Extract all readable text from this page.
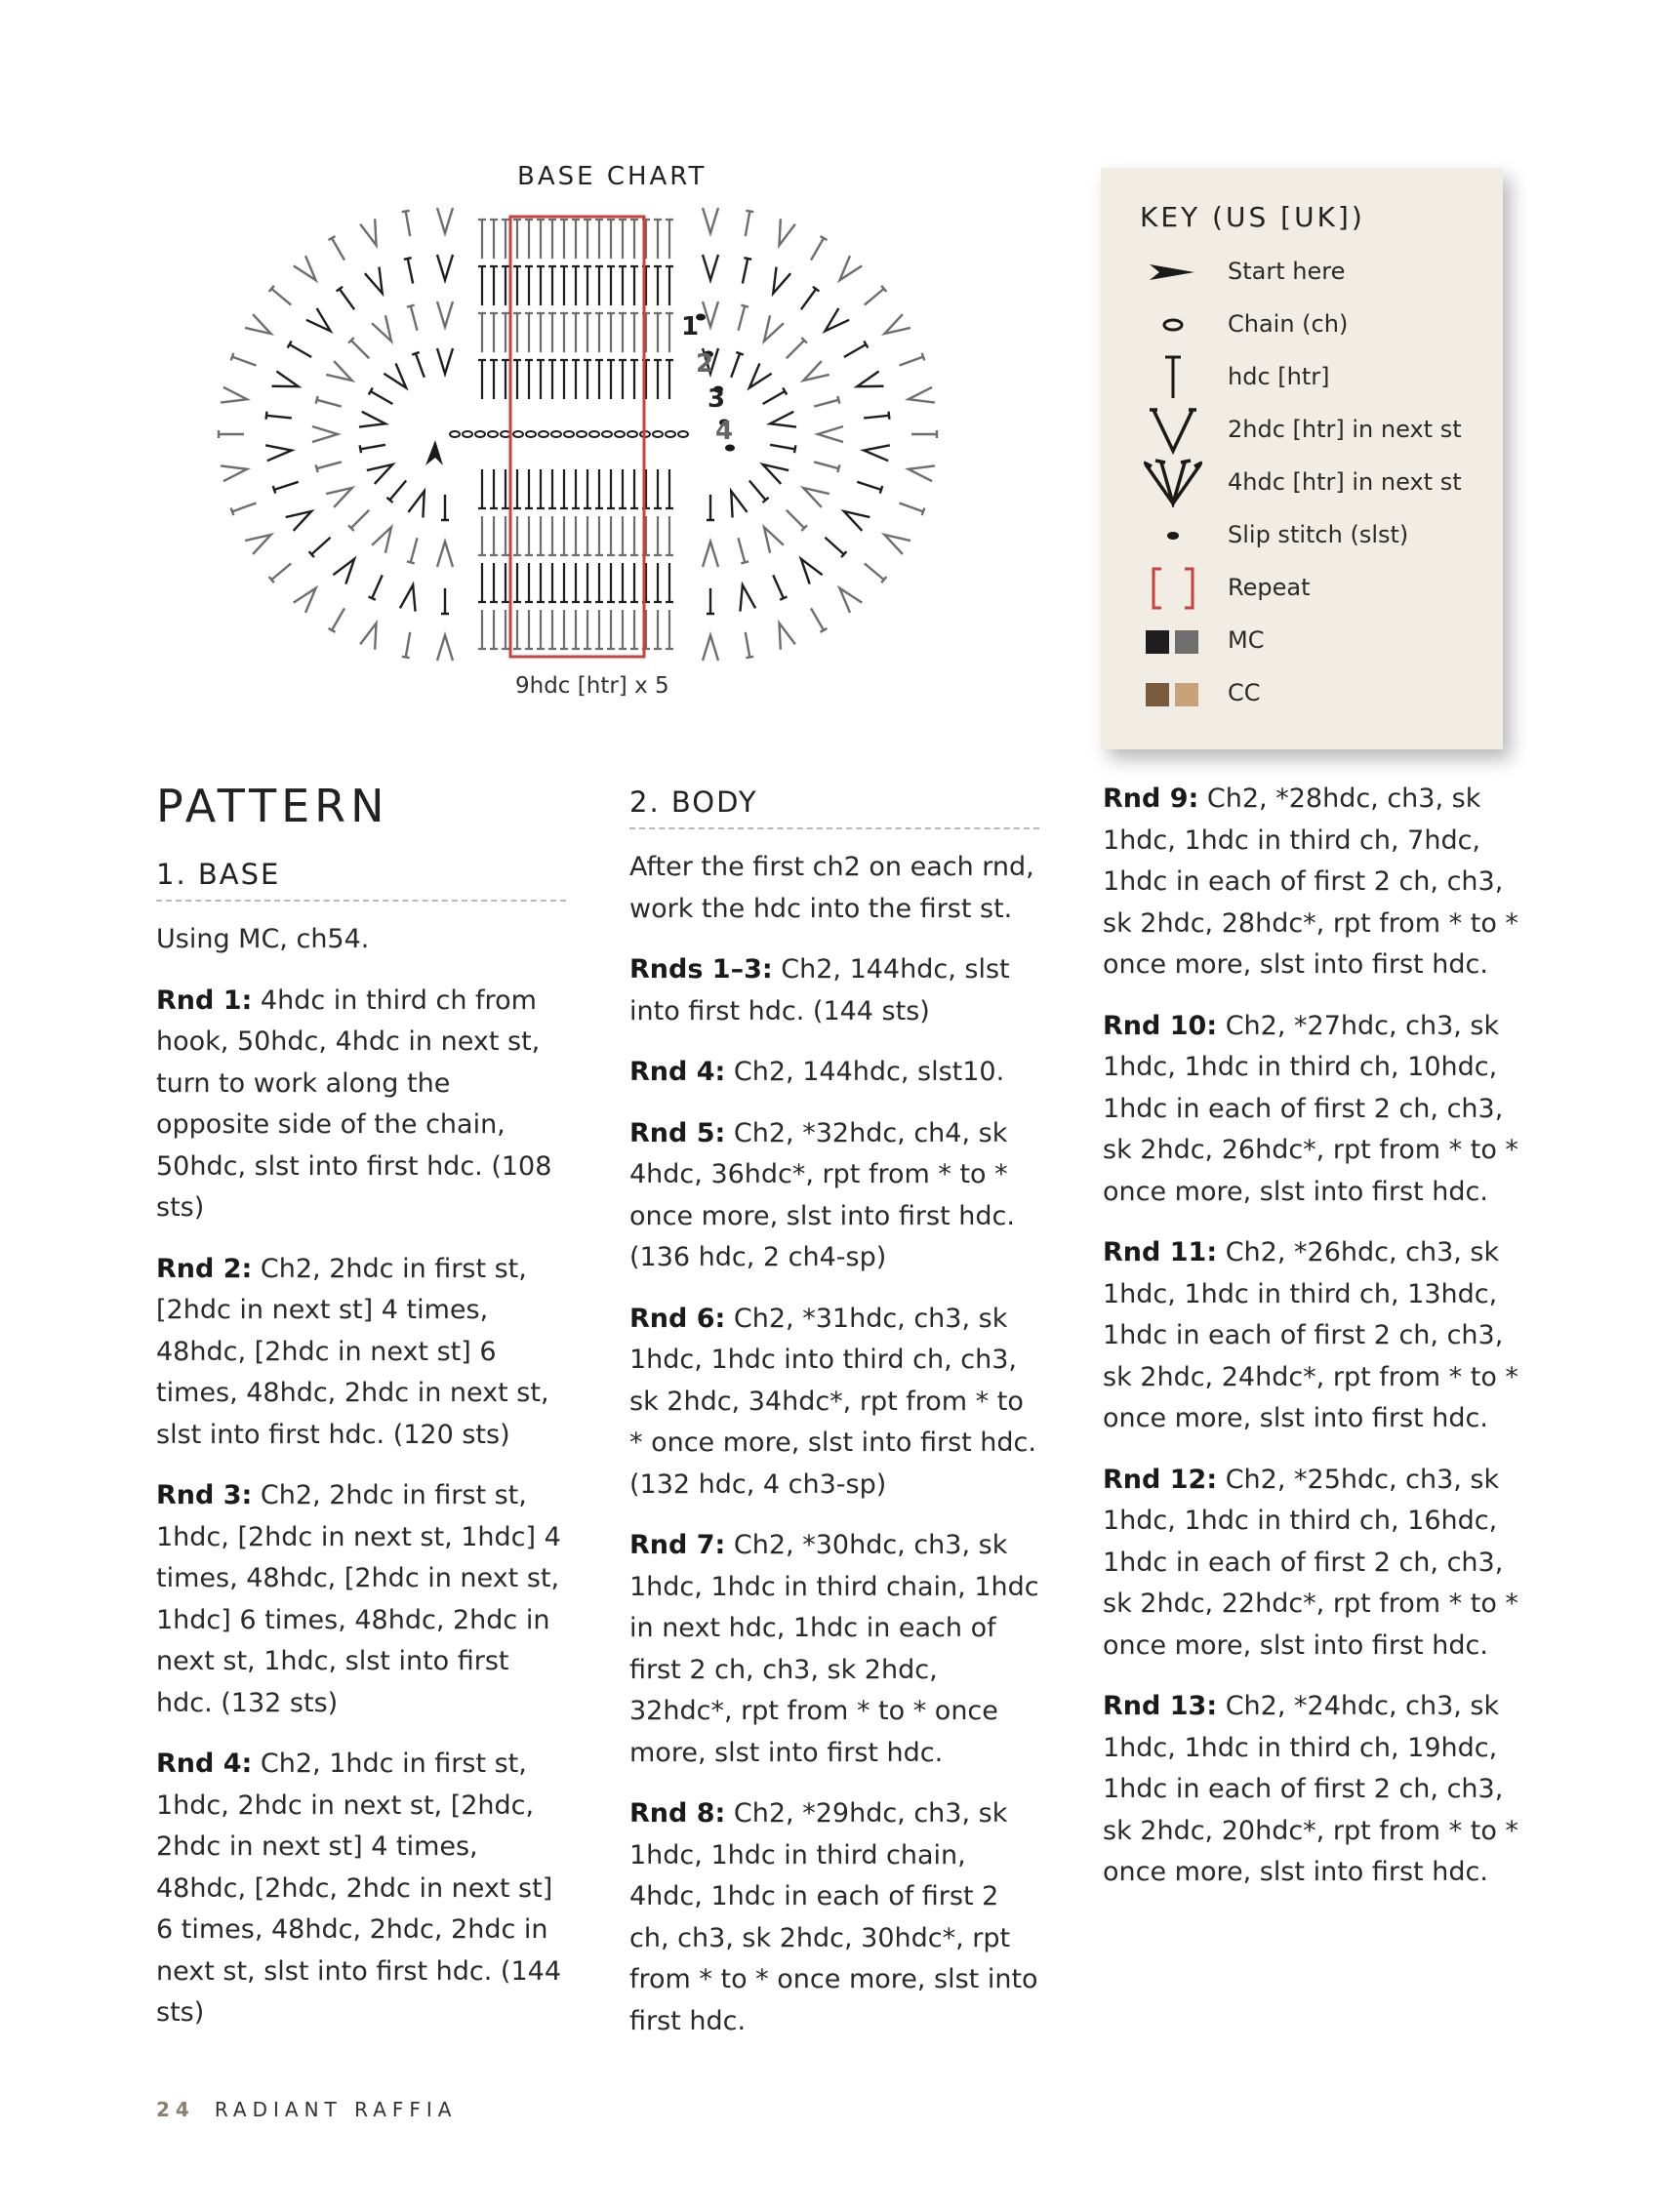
BASE CHART
1
2
3
4
9hdc [htr] x 5
KEY (US [UK])
Start here
Chain (ch)
hdc [htr]
2hdc [htr] in next st
4hdc [htr] in next st
Slip stitch (slst)
Repeat
MC
CC
PATTERN
1. BASE

Using MC, ch54.

Rnd 1: 4hdc in third ch from hook, 50hdc, 4hdc in next st, turn to work along the opposite side of the chain, 50hdc, slst into first hdc. (108 sts)

Rnd 2: Ch2, 2hdc in first st, [2hdc in next st] 4 times, 48hdc, [2hdc in next st] 6 times, 48hdc, 2hdc in next st, slst into first hdc. (120 sts)

Rnd 3: Ch2, 2hdc in first st, 1hdc, [2hdc in next st, 1hdc] 4 times, 48hdc, [2hdc in next st, 1hdc] 6 times, 48hdc, 2hdc in next st, 1hdc, slst into first hdc. (132 sts)

Rnd 4: Ch2, 1hdc in first st, 1hdc, 2hdc in next st, [2hdc, 2hdc in next st] 4 times, 48hdc, [2hdc, 2hdc in next st] 6 times, 48hdc, 2hdc, 2hdc in next st, slst into first hdc. (144 sts)

2. BODY

After the first ch2 on each rnd, work the hdc into the first st.

Rnds 1–3: Ch2, 144hdc, slst into first hdc. (144 sts)

Rnd 4: Ch2, 144hdc, slst10.

Rnd 5: Ch2, *32hdc, ch4, sk 4hdc, 36hdc*, rpt from * to * once more, slst into first hdc. (136 hdc, 2 ch4-sp)

Rnd 6: Ch2, *31hdc, ch3, sk 1hdc, 1hdc into third ch, ch3, sk 2hdc, 34hdc*, rpt from * to * once more, slst into first hdc. (132 hdc, 4 ch3-sp)

Rnd 7: Ch2, *30hdc, ch3, sk 1hdc, 1hdc in third chain, 1hdc in next hdc, 1hdc in each of first 2 ch, ch3, sk 2hdc, 32hdc*, rpt from * to * once more, slst into first hdc.

Rnd 8: Ch2, *29hdc, ch3, sk 1hdc, 1hdc in third chain, 4hdc, 1hdc in each of first 2 ch, ch3, sk 2hdc, 30hdc*, rpt from * to * once more, slst into first hdc.

Rnd 9: Ch2, *28hdc, ch3, sk 1hdc, 1hdc in third ch, 7hdc, 1hdc in each of first 2 ch, ch3, sk 2hdc, 28hdc*, rpt from * to * once more, slst into first hdc.

Rnd 10: Ch2, *27hdc, ch3, sk 1hdc, 1hdc in third ch, 10hdc, 1hdc in each of first 2 ch, ch3, sk 2hdc, 26hdc*, rpt from * to * once more, slst into first hdc.

Rnd 11: Ch2, *26hdc, ch3, sk 1hdc, 1hdc in third ch, 13hdc, 1hdc in each of first 2 ch, ch3, sk 2hdc, 24hdc*, rpt from * to * once more, slst into first hdc.

Rnd 12: Ch2, *25hdc, ch3, sk 1hdc, 1hdc in third ch, 16hdc, 1hdc in each of first 2 ch, ch3, sk 2hdc, 22hdc*, rpt from * to * once more, slst into first hdc.

Rnd 13: Ch2, *24hdc, ch3, sk 1hdc, 1hdc in third ch, 19hdc, 1hdc in each of first 2 ch, ch3, sk 2hdc, 20hdc*, rpt from * to * once more, slst into first hdc.

24 RADIANT RAFFIA
